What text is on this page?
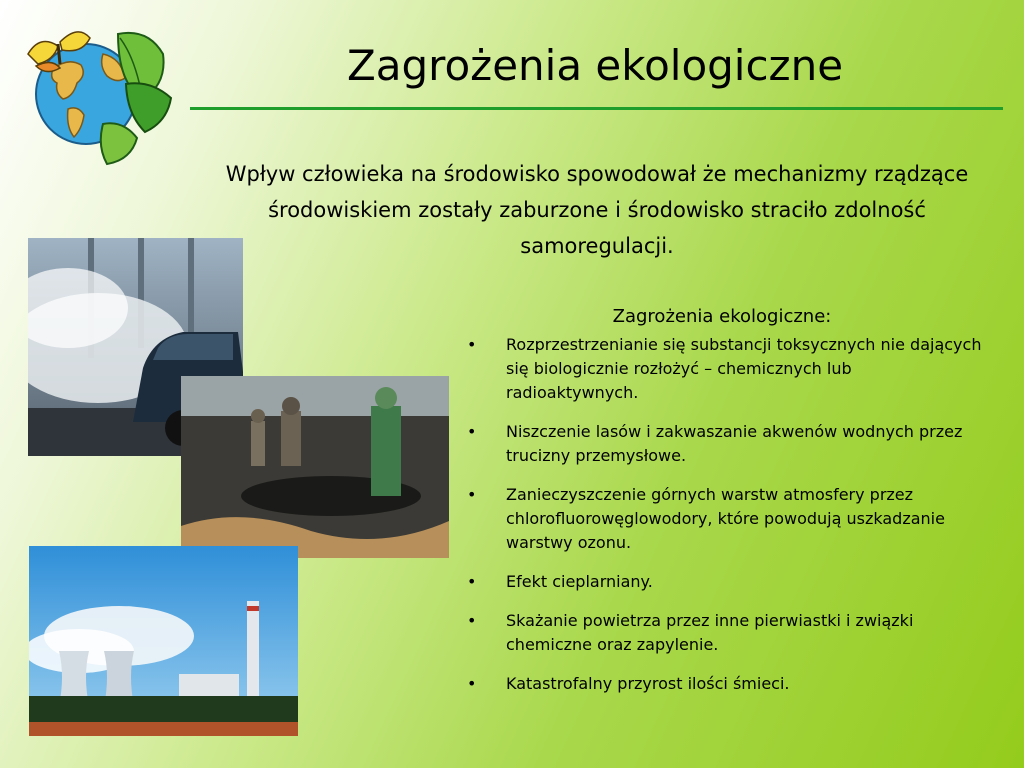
Zagrożenia ekologiczne

Wpływ człowieka na środowisko spowodował że mechanizmy rządzące środowiskiem zostały zaburzone i środowisko straciło zdolność samoregulacji.

Zagrożenia ekologiczne:

• Rozprzestrzenianie się substancji toksycznych nie dających się biologicznie rozłożyć – chemicznych lub radioaktywnych.
• Niszczenie lasów i zakwaszanie akwenów wodnych przez trucizny przemysłowe.
• Zanieczyszczenie górnych warstw atmosfery przez chlorofluorowęglowodory, które powodują uszkadzanie warstwy ozonu.
• Efekt cieplarniany.
• Skażanie powietrza przez inne pierwiastki i związki chemiczne oraz zapylenie.
• Katastrofalny przyrost ilości śmieci.
